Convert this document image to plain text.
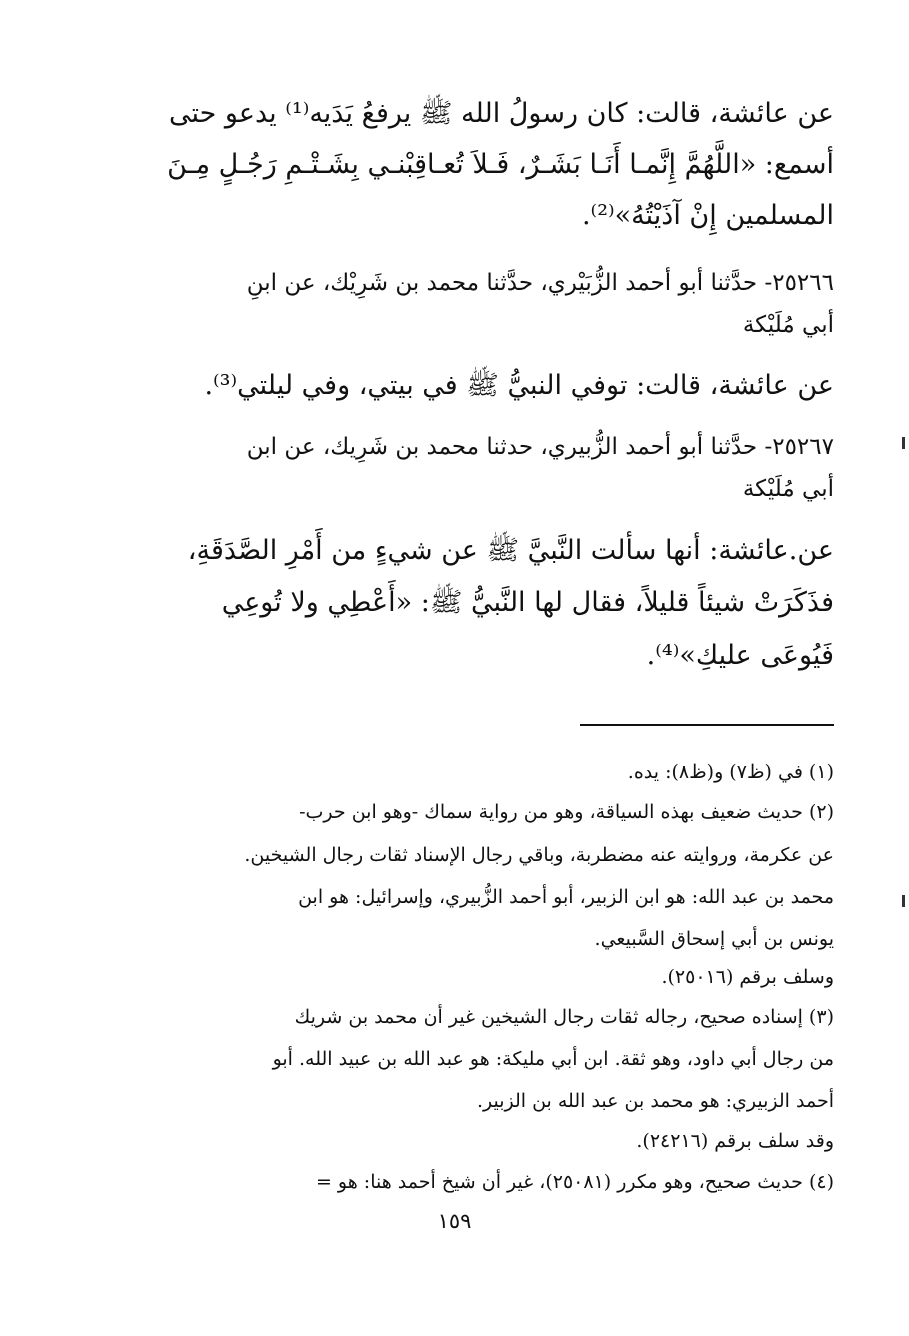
عن عائشة، قالت: كان رسولُ الله ﷺ يرفعُ يَدَيه⁽¹⁾ يدعو حتى
أسمع: «اللَّهُمَّ إِنَّمـا أَنَـا بَشَـرٌ، فَـلاَ تُعـاقِبْنـي بِشَـتْـمِ رَجُـلٍ مِـنَ
المسلمين إِنْ آذَيْتُهُ»⁽²⁾.
٢٥٢٦٦- حدَّثنا أبو أحمد الزُّبَيْري، حدَّثنا محمد بن شَرِيْك، عن ابنِ
أبي مُلَيْكة
عن عائشة، قالت: توفي النبيُّ ﷺ في بيتي، وفي ليلتي⁽³⁾.
٢٥٢٦٧- حدَّثنا أبو أحمد الزُّبيري، حدثنا محمد بن شَرِيك، عن ابن
أبي مُلَيْكة
عن.عائشة: أنها سألت النَّبيَّ ﷺ عن شيءٍ من أَمْرِ الصَّدَقَةِ،
فذَكَرَتْ شيئاً قليلاً، فقال لها النَّبيُّ ﷺ: «أَعْطِي ولا تُوعِي
فَيُوعَى عليكِ»⁽⁴⁾.
(١) في (ظ٧) و(ظ٨): يده.
(٢) حديث ضعيف بهذه السياقة، وهو من رواية سماك -وهو ابن حرب-
عن عكرمة، وروايته عنه مضطربة، وباقي رجال الإسناد ثقات رجال الشيخين.
محمد بن عبد الله: هو ابن الزبير، أبو أحمد الزُّبيري، وإسرائيل: هو ابن
يونس بن أبي إسحاق السَّبيعي.
وسلف برقم (٢٥٠١٦).
(٣) إسناده صحيح، رجاله ثقات رجال الشيخين غير أن محمد بن شريك
من رجال أبي داود، وهو ثقة. ابن أبي مليكة: هو عبد الله بن عبيد الله. أبو
أحمد الزبيري: هو محمد بن عبد الله بن الزبير.
وقد سلف برقم (٢٤٢١٦).
(٤) حديث صحيح، وهو مكرر (٢٥٠٨١)، غير أن شيخ أحمد هنا: هو =
١٥٩
